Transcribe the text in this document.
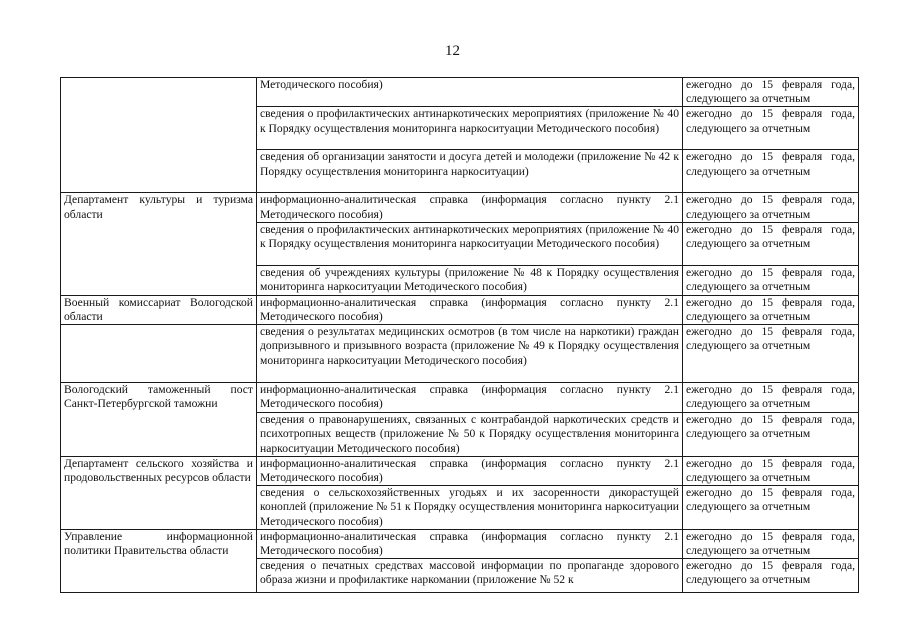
12
	Методического пособия)	ежегодно до 15 февраля года, следующего за отчетным
	сведения о профилактических антинаркотических мероприятиях (приложение № 40 к Порядку осуществления мониторинга наркоситуации Методического пособия)	ежегодно до 15 февраля года, следующего за отчетным
	сведения об организации занятости и досуга детей и молодежи (приложение № 42 к Порядку осуществления мониторинга наркоситуации)	ежегодно до 15 февраля года, следующего за отчетным
Департамент культуры и туризма области	информационно-аналитическая справка (информация согласно пункту 2.1 Методического пособия)	ежегодно до 15 февраля года, следующего за отчетным
	сведения о профилактических антинаркотических мероприятиях (приложение № 40 к Порядку осуществления мониторинга наркоситуации Методического пособия)	ежегодно до 15 февраля года, следующего за отчетным
	сведения об учреждениях культуры (приложение № 48 к Порядку осуществления мониторинга наркоситуации Методического пособия)	ежегодно до 15 февраля года, следующего за отчетным
Военный комиссариат Вологодской области	информационно-аналитическая справка (информация согласно пункту 2.1 Методического пособия)	ежегодно до 15 февраля года, следующего за отчетным
	сведения о результатах медицинских осмотров (в том числе на наркотики) граждан допризывного и призывного возраста (приложение № 49 к Порядку осуществления мониторинга наркоситуации Методического пособия)	ежегодно до 15 февраля года, следующего за отчетным
Вологодский таможенный пост Санкт-Петербургской таможни	информационно-аналитическая справка (информация согласно пункту 2.1 Методического пособия)	ежегодно до 15 февраля года, следующего за отчетным
	сведения о правонарушениях, связанных с контрабандой наркотических средств и психотропных веществ (приложение № 50 к Порядку осуществления мониторинга наркоситуации Методического пособия)	ежегодно до 15 февраля года, следующего за отчетным
Департамент сельского хозяйства и продовольственных ресурсов области	информационно-аналитическая справка (информация согласно пункту 2.1 Методического пособия)	ежегодно до 15 февраля года, следующего за отчетным
	сведения о сельскохозяйственных угодьях и их засоренности дикорастущей коноплей (приложение № 51 к Порядку осуществления мониторинга наркоситуации Методического пособия)	ежегодно до 15 февраля года, следующего за отчетным
Управление информационной политики Правительства области	информационно-аналитическая справка (информация согласно пункту 2.1 Методического пособия)	ежегодно до 15 февраля года, следующего за отчетным
	сведения о печатных средствах массовой информации по пропаганде здорового образа жизни и профилактике наркомании (приложение № 52 к	ежегодно до 15 февраля года, следующего за отчетным
